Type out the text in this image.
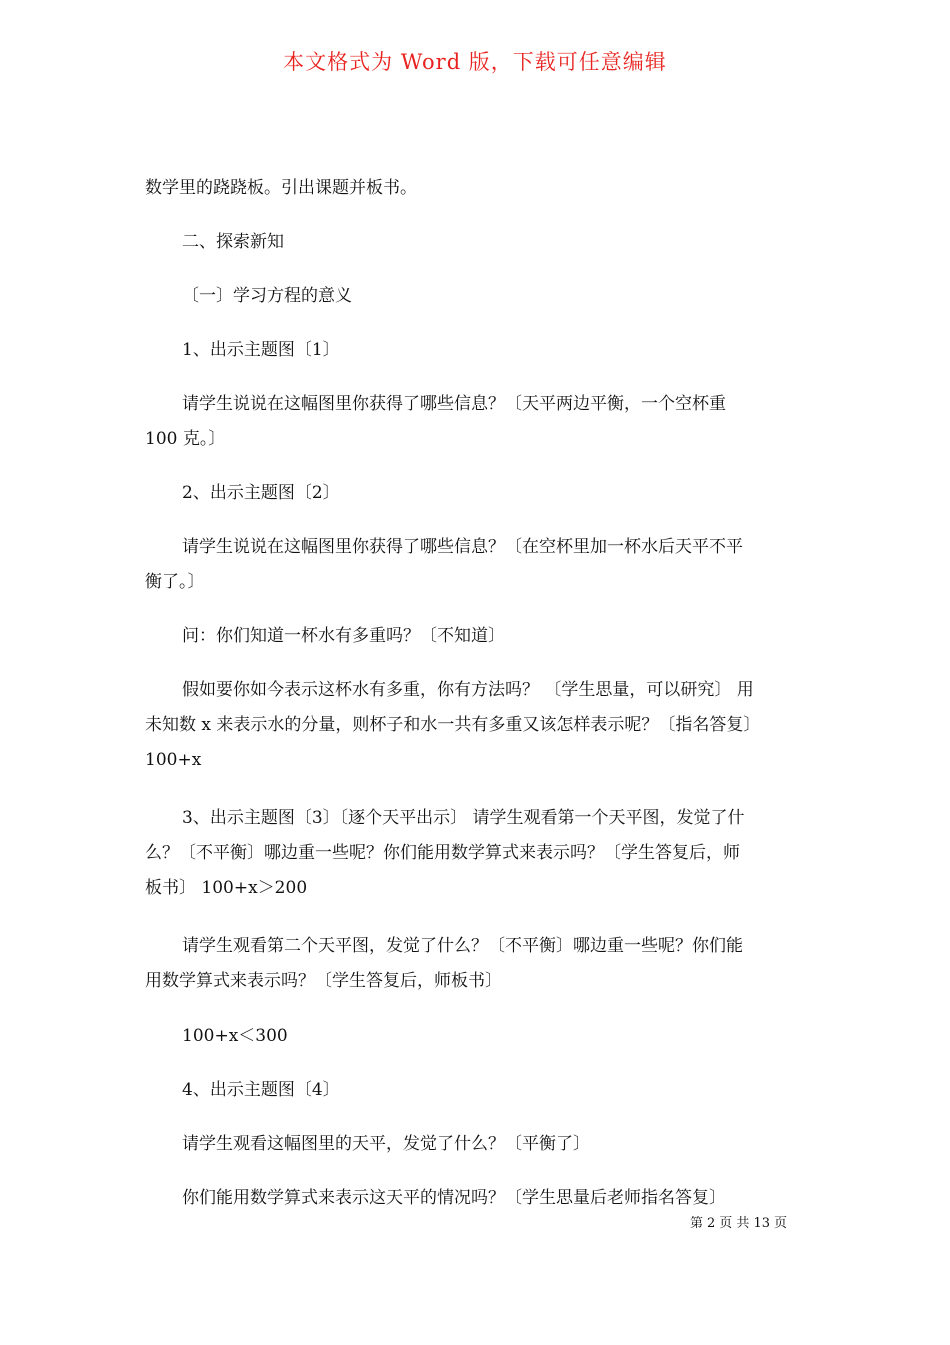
本文格式为 Word 版，下载可任意编辑
数学里的跷跷板。引出课题并板书。
二、探索新知
〔一〕学习方程的意义
1、出示主题图〔1〕
请学生说说在这幅图里你获得了哪些信息？〔天平两边平衡，一个空杯重
100 克。〕
2、出示主题图〔2〕
请学生说说在这幅图里你获得了哪些信息？〔在空杯里加一杯水后天平不平
衡了。〕
问：你们知道一杯水有多重吗？〔不知道〕
假如要你如今表示这杯水有多重，你有方法吗？ 〔学生思量，可以研究〕 用
未知数 x 来表示水的分量，则杯子和水一共有多重又该怎样表示呢？〔指名答复〕
100+x
3、出示主题图〔3〕〔逐个天平出示〕 请学生观看第一个天平图，发觉了什
么？〔不平衡〕哪边重一些呢？你们能用数学算式来表示吗？〔学生答复后，师
板书〕 100+x＞200
请学生观看第二个天平图，发觉了什么？〔不平衡〕哪边重一些呢？你们能
用数学算式来表示吗？〔学生答复后，师板书〕
100+x＜300
4、出示主题图〔4〕
请学生观看这幅图里的天平，发觉了什么？〔平衡了〕
你们能用数学算式来表示这天平的情况吗？〔学生思量后老师指名答复〕
第 2 页 共 13 页
